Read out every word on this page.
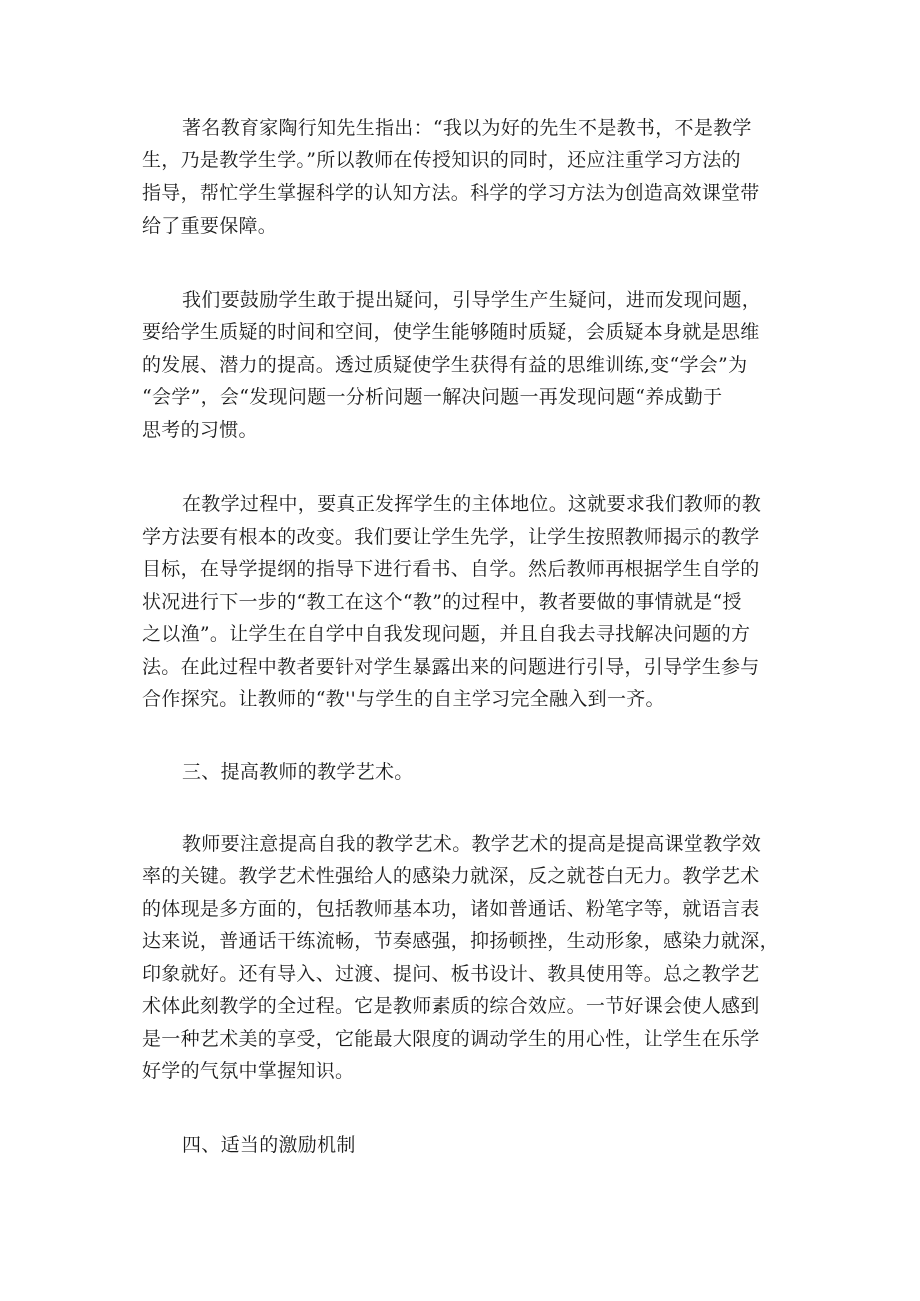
著名教育家陶行知先生指出：“我以为好的先生不是教书，不是教学
生，乃是教学生学。”所以教师在传授知识的同时，还应注重学习方法的
指导，帮忙学生掌握科学的认知方法。科学的学习方法为创造高效课堂带
给了重要保障。
我们要鼓励学生敢于提出疑问，引导学生产生疑问，进而发现问题，
要给学生质疑的时间和空间，使学生能够随时质疑，会质疑本身就是思维
的发展、潜力的提高。透过质疑使学生获得有益的思维训练,变“学会”为
“会学”，会“发现问题一分析问题一解决问题一再发现问题“养成勤于
思考的习惯。
在教学过程中，要真正发挥学生的主体地位。这就要求我们教师的教
学方法要有根本的改变。我们要让学生先学，让学生按照教师揭示的教学
目标，在导学提纲的指导下进行看书、自学。然后教师再根据学生自学的
状况进行下一步的“教工在这个“教”的过程中，教者要做的事情就是“授
之以渔”。让学生在自学中自我发现问题，并且自我去寻找解决问题的方
法。在此过程中教者要针对学生暴露出来的问题进行引导，引导学生参与
合作探究。让教师的“教''与学生的自主学习完全融入到一齐。
三、提高教师的教学艺术。
教师要注意提高自我的教学艺术。教学艺术的提高是提高课堂教学效
率的关键。教学艺术性强给人的感染力就深，反之就苍白无力。教学艺术
的体现是多方面的，包括教师基本功，诸如普通话、粉笔字等，就语言表
达来说，普通话干练流畅，节奏感强，抑扬顿挫，生动形象，感染力就深，
印象就好。还有导入、过渡、提问、板书设计、教具使用等。总之教学艺
术体此刻教学的全过程。它是教师素质的综合效应。一节好课会使人感到
是一种艺术美的享受，它能最大限度的调动学生的用心性，让学生在乐学
好学的气氛中掌握知识。
四、适当的激励机制
